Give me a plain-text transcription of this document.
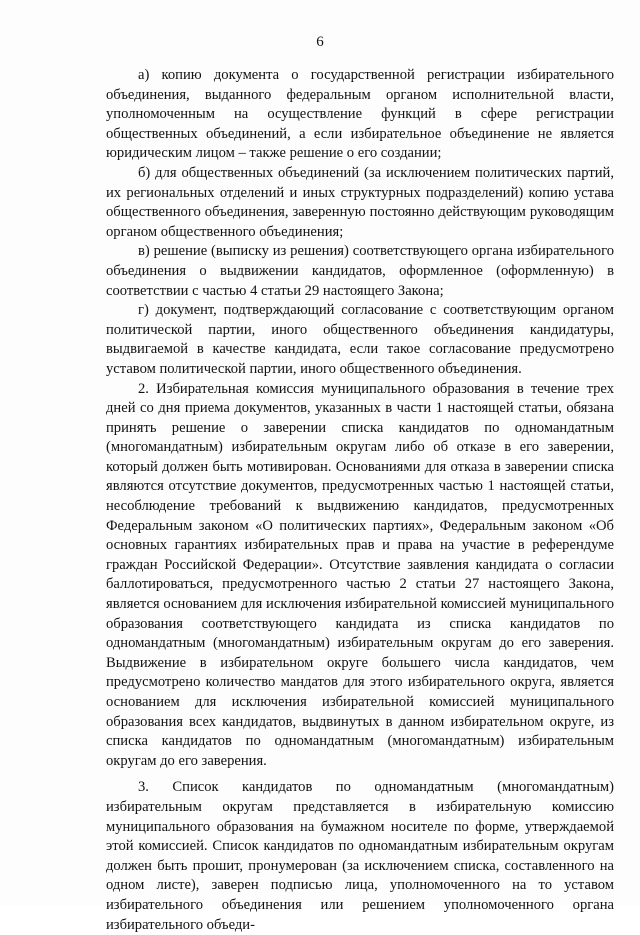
6

а) копию документа о государственной регистрации избирательного объединения, выданного федеральным органом исполнительной власти, уполномоченным на осуществление функций в сфере регистрации общественных объединений, а если избирательное объединение не является юридическим лицом – также решение о его создании;

б) для общественных объединений (за исключением политических партий, их региональных отделений и иных структурных подразделений) копию устава общественного объединения, заверенную постоянно действующим руководящим органом общественного объединения;

в) решение (выписку из решения) соответствующего органа избирательного объединения о выдвижении кандидатов, оформленное (оформленную) в соответствии с частью 4 статьи 29 настоящего Закона;

г) документ, подтверждающий согласование с соответствующим органом политической партии, иного общественного объединения кандидатуры, выдвигаемой в качестве кандидата, если такое согласование предусмотрено уставом политической партии, иного общественного объединения.

2. Избирательная комиссия муниципального образования в течение трех дней со дня приема документов, указанных в части 1 настоящей статьи, обязана принять решение о заверении списка кандидатов по одномандатным (многомандатным) избирательным округам либо об отказе в его заверении, который должен быть мотивирован. Основаниями для отказа в заверении списка являются отсутствие документов, предусмотренных частью 1 настоящей статьи, несоблюдение требований к выдвижению кандидатов, предусмотренных Федеральным законом «О политических партиях», Федеральным законом «Об основных гарантиях избирательных прав и права на участие в референдуме граждан Российской Федерации». Отсутствие заявления кандидата о согласии баллотироваться, предусмотренного частью 2 статьи 27 настоящего Закона, является основанием для исключения избирательной комиссией муниципального образования соответствующего кандидата из списка кандидатов по одномандатным (многомандатным) избирательным округам до его заверения. Выдвижение в избирательном округе большего числа кандидатов, чем предусмотрено количество мандатов для этого избирательного округа, является основанием для исключения избирательной комиссией муниципального образования всех кандидатов, выдвинутых в данном избирательном округе, из списка кандидатов по одномандатным (многомандатным) избирательным округам до его заверения.

3. Список кандидатов по одномандатным (многомандатным) избирательным округам представляется в избирательную комиссию муниципального образования на бумажном носителе по форме, утверждаемой этой комиссией. Список кандидатов по одномандатным избирательным округам должен быть прошит, пронумерован (за исключением списка, составленного на одном листе), заверен подписью лица, уполномоченного на то уставом избирательного объединения или решением уполномоченного органа избирательного объеди-
